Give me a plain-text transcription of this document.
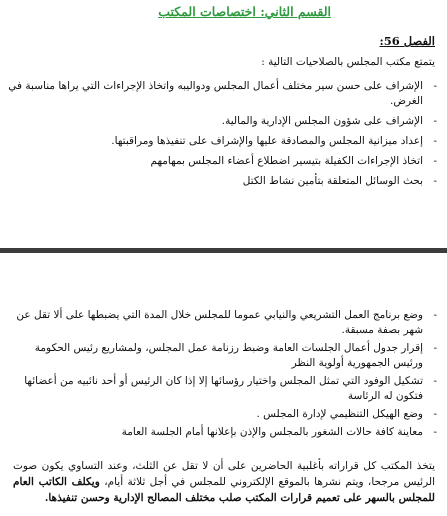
القسم الثاني: اختصاصات المكتب
الفصل 56:
يتمتع مكتب المجلس بالصلاحيات التالية :
- الإشراف على حسن سير مختلف أعمال المجلس ودواليبه واتخاذ الإجراءات التي يراها مناسبة في الغرض.
- الإشراف على شؤون المجلس الإدارية والمالية.
- إعداد ميزانية المجلس والمصادقة عليها والإشراف على تنفيذها ومراقبتها.
- اتخاذ الإجراءات الكفيلة بتيسير اضطلاع أعضاء المجلس بمهامهم
- بحث الوسائل المتعلقة بتأمين نشاط الكتل
- وضع برنامج العمل التشريعي والنيابي عموما للمجلس خلال المدة التي يضبطها على ألا تقل عن شهر بصفة مسبقة.
- إقرار جدول أعمال الجلسات العامة وضبط رزنامة عمل المجلس، ولمشاريع رئيس الحكومة ورئيس الجمهورية أولوية النظر
- تشكيل الوفود التي تمثل المجلس واختيار رؤسائها إلا إذا كان الرئيس أو أحد نائبيه من أعضائها فتكون له الرئاسة
- وضع الهيكل التنظيمي لإدارة المجلس .
- معاينة كافة حالات الشغور بالمجلس والإذن بإعلانها أمام الجلسة العامة
يتخذ المكتب كل قراراته بأغلبية الحاضرين على أن لا تقل عن الثلث، وعند التساوي يكون صوت الرئيس مرجحا، ويتم نشرها بالموقع الإلكتروني للمجلس في أجل ثلاثة أيام، ويكلف الكاتب العام للمجلس بالسهر على تعميم قرارات المكتب صلب مختلف المصالح الإدارية وحسن تنفيذها.
